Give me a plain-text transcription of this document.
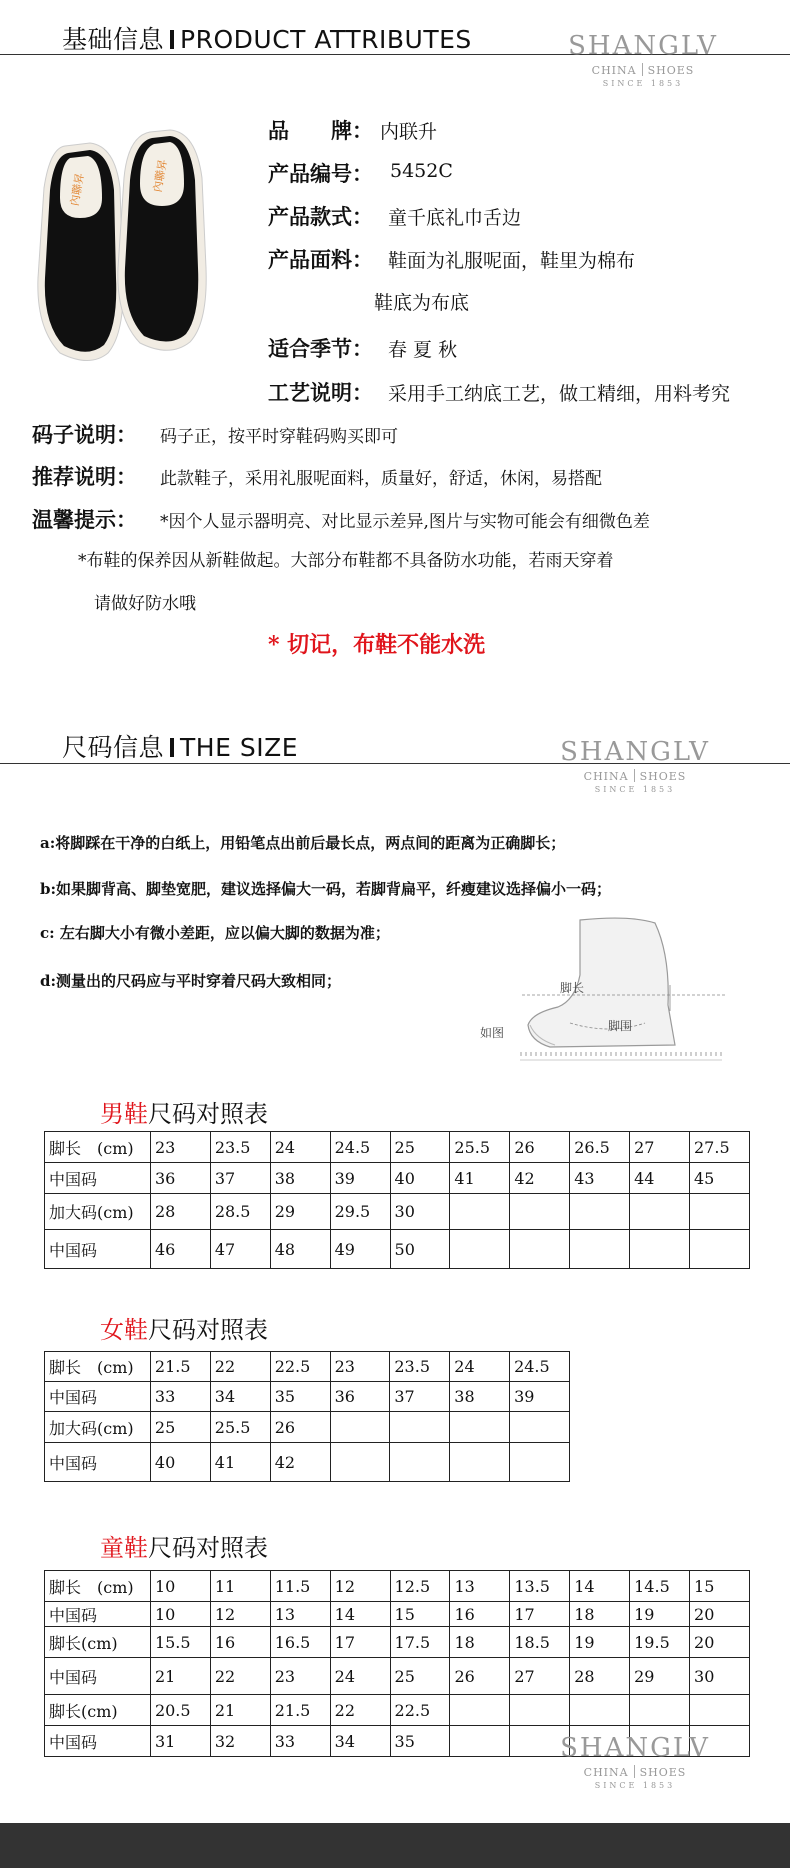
基础信息 PRODUCT ATTRIBUTES	SHANGLV
CHINA SHOES
SINCE 1853
內聯昇	內聯昇
品　　牌： 内联升
产品编号： 5452C
产品款式： 童千底礼巾舌边
产品面料： 鞋面为礼服呢面，鞋里为棉布
鞋底为布底
适合季节： 春 夏 秋
工艺说明： 采用手工纳底工艺，做工精细，用料考究
码子说明： 码子正，按平时穿鞋码购买即可
推荐说明： 此款鞋子，采用礼服呢面料，质量好，舒适，休闲，易搭配
温馨提示： *因个人显示器明亮、对比显示差异,图片与实物可能会有细微色差
*布鞋的保养因从新鞋做起。大部分布鞋都不具备防水功能，若雨天穿着
请做好防水哦
* 切记，布鞋不能水洗
尺码信息 THE SIZE	SHANGLV
CHINA SHOES
SINCE 1853
a:将脚踩在干净的白纸上，用铅笔点出前后最长点，两点间的距离为正确脚长；
b:如果脚背高、脚垫宽肥，建议选择偏大一码，若脚背扁平，纤瘦建议选择偏小一码；
c: 左右脚大小有微小差距，应以偏大脚的数据为准；
d:测量出的尺码应与平时穿着尺码大致相同；	脚长
脚围
如图
男鞋尺码对照表
脚长　(cm)	23	23.5	24	24.5	25	25.5	26	26.5	27	27.5
中国码	36	37	38	39	40	41	42	43	44	45
加大码(cm)	28	28.5	29	29.5	30					
中国码	46	47	48	49	50					
女鞋尺码对照表
脚长　(cm)	21.5	22	22.5	23	23.5	24	24.5
中国码	33	34	35	36	37	38	39
加大码(cm)	25	25.5	26				
中国码	40	41	42				
童鞋尺码对照表
脚长　(cm)	10	11	11.5	12	12.5	13	13.5	14	14.5	15
中国码	10	12	13	14	15	16	17	18	19	20
脚长(cm)	15.5	16	16.5	17	17.5	18	18.5	19	19.5	20
中国码	21	22	23	24	25	26	27	28	29	30
脚长(cm)	20.5	21	21.5	22	22.5					
中国码	31	32	33	34	35						SHANGLV
CHINA SHOES
SINCE 1853
